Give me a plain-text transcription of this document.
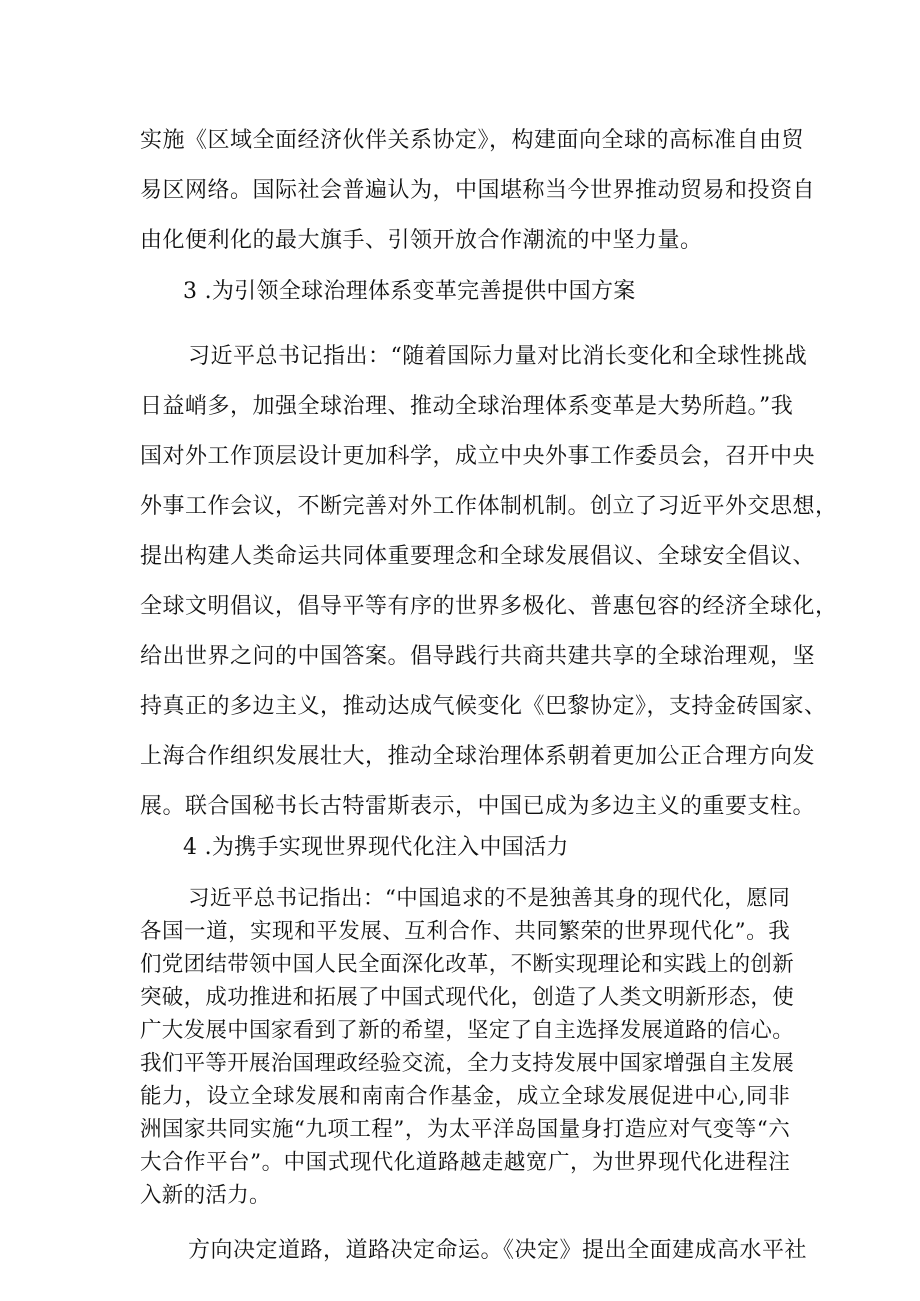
实施《区域全面经济伙伴关系协定》，构建面向全球的高标准自由贸
易区网络。国际社会普遍认为，中国堪称当今世界推动贸易和投资自
由化便利化的最大旗手、引领开放合作潮流的中坚力量。
3 .为引领全球治理体系变革完善提供中国方案
习近平总书记指出：“随着国际力量对比消长变化和全球性挑战
日益峭多，加强全球治理、推动全球治理体系变革是大势所趋。”我
国对外工作顶层设计更加科学，成立中央外事工作委员会，召开中央
外事工作会议，不断完善对外工作体制机制。创立了习近平外交思想，
提出构建人类命运共同体重要理念和全球发展倡议、全球安全倡议、
全球文明倡议，倡导平等有序的世界多极化、普惠包容的经济全球化，
给出世界之问的中国答案。倡导践行共商共建共享的全球治理观，坚
持真正的多边主义，推动达成气候变化《巴黎协定》，支持金砖国家、
上海合作组织发展壮大，推动全球治理体系朝着更加公正合理方向发
展。联合国秘书长古特雷斯表示，中国已成为多边主义的重要支柱。
4 .为携手实现世界现代化注入中国活力
习近平总书记指出：“中国追求的不是独善其身的现代化，愿同
各国一道，实现和平发展、互利合作、共同繁荣的世界现代化”。我
们党团结带领中国人民全面深化改革，不断实现理论和实践上的创新
突破，成功推进和拓展了中国式现代化，创造了人类文明新形态，使
广大发展中国家看到了新的希望，坚定了自主选择发展道路的信心。
我们平等开展治国理政经验交流，全力支持发展中国家增强自主发展
能力，设立全球发展和南南合作基金，成立全球发展促进中心,同非
洲国家共同实施“九项工程”，为太平洋岛国量身打造应对气变等“六
大合作平台”。中国式现代化道路越走越宽广，为世界现代化进程注
入新的活力。
方向决定道路，道路决定命运。《决定》提出全面建成高水平社
